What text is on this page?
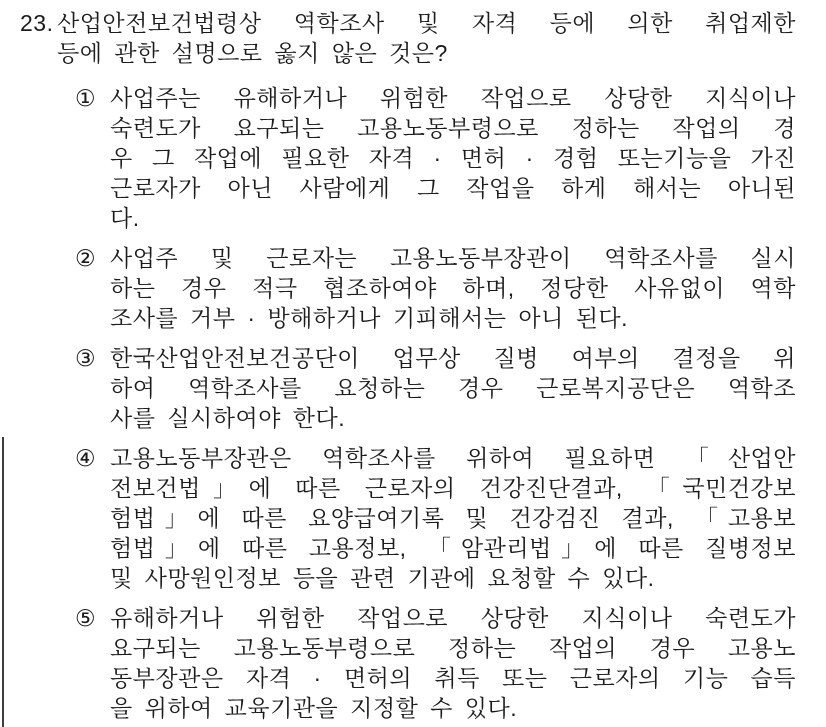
23. 산업안전보건법령상 역학조사 및 자격 등에 의한 취업제한
등에 관한 설명으로 옳지 않은 것은?
① 사업주는 유해하거나 위험한 작업으로 상당한 지식이나
숙련도가 요구되는 고용노동부령으로 정하는 작업의 경
우 그 작업에 필요한 자격 · 면허 · 경험 또는기능을 가진
근로자가 아닌 사람에게 그 작업을 하게 해서는 아니된
다.
② 사업주 및 근로자는 고용노동부장관이 역학조사를 실시
하는 경우 적극 협조하여야 하며, 정당한 사유없이 역학
조사를 거부 · 방해하거나 기피해서는 아니 된다.
③ 한국산업안전보건공단이 업무상 질병 여부의 결정을 위
하여 역학조사를 요청하는 경우 근로복지공단은 역학조
사를 실시하여야 한다.
④ 고용노동부장관은 역학조사를 위하여 필요하면 「산업안
전보건법」에 따른 근로자의 건강진단결과, 「국민건강보
험법」에 따른 요양급여기록 및 건강검진 결과, 「고용보
험법」에 따른 고용정보, 「암관리법」에 따른 질병정보
및 사망원인정보 등을 관련 기관에 요청할 수 있다.
⑤ 유해하거나 위험한 작업으로 상당한 지식이나 숙련도가
요구되는 고용노동부령으로 정하는 작업의 경우 고용노
동부장관은 자격 · 면허의 취득 또는 근로자의 기능 습득
을 위하여 교육기관을 지정할 수 있다.
